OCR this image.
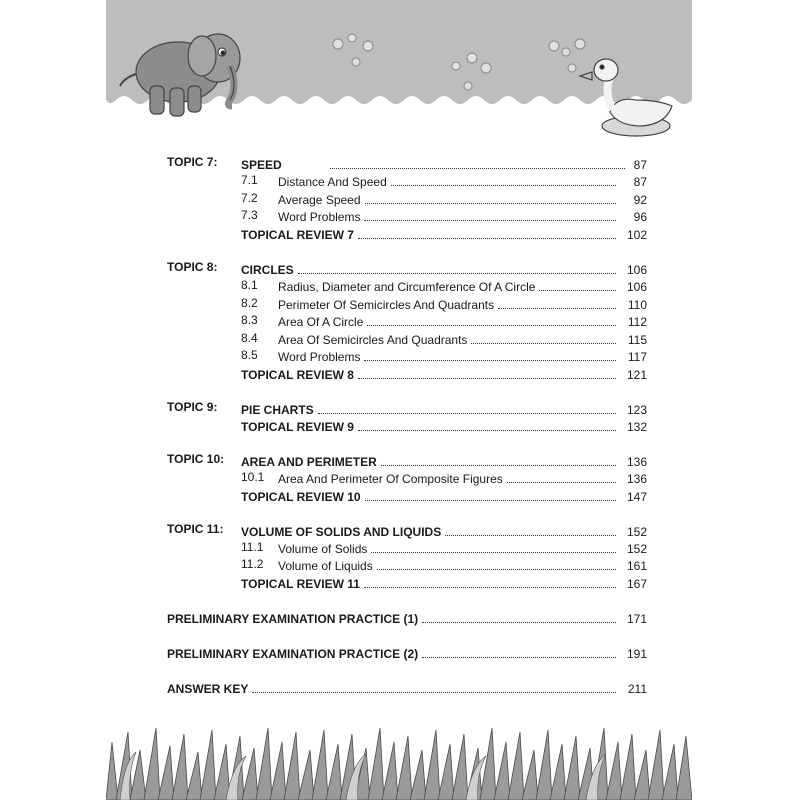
TOPIC 7: SPEED	87
7.1 Distance And Speed	87
7.2 Average Speed	92
7.3 Word Problems	96
TOPICAL REVIEW 7	102
TOPIC 8: CIRCLES	106
8.1 Radius, Diameter and Circumference Of A Circle	106
8.2 Perimeter Of Semicircles And Quadrants	110
8.3 Area Of A Circle	112
8.4 Area Of Semicircles And Quadrants	115
8.5 Word Problems	117
TOPICAL REVIEW 8	121
TOPIC 9: PIE CHARTS	123
TOPICAL REVIEW 9	132
TOPIC 10: AREA AND PERIMETER	136
10.1 Area And Perimeter Of Composite Figures	136
TOPICAL REVIEW 10	147
TOPIC 11: VOLUME OF SOLIDS AND LIQUIDS	152
11.1 Volume of Solids	152
11.2 Volume of Liquids	161
TOPICAL REVIEW 11	167
PRELIMINARY EXAMINATION PRACTICE (1)	171
PRELIMINARY EXAMINATION PRACTICE (2)	191
ANSWER KEY	211
